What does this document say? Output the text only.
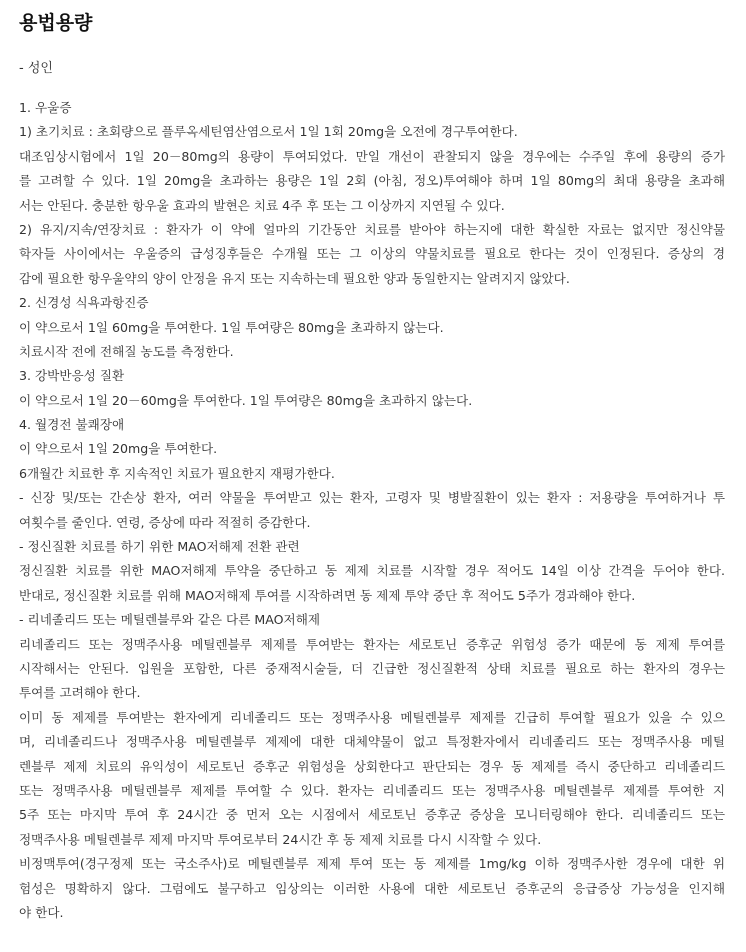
용법용량
- 성인
1. 우울증
1) 초기치료 : 초회량으로 플루옥세틴염산염으로서 1일 1회 20mg을 오전에 경구투여한다.
대조임상시험에서 1일 20－80mg의 용량이 투여되었다. 만일 개선이 관찰되지 않을 경우에는 수주일 후에 용량의 증가
를 고려할 수 있다. 1일 20mg을 초과하는 용량은 1일 2회 (아침, 정오)투여해야 하며 1일 80mg의 최대 용량을 초과해
서는 안된다. 충분한 항우울 효과의 발현은 치료 4주 후 또는 그 이상까지 지연될 수 있다.
2) 유지/지속/연장치료 : 환자가 이 약에 얼마의 기간동안 치료를 받아야 하는지에 대한 확실한 자료는 없지만 정신약물
학자들 사이에서는 우울증의 급성징후들은 수개월 또는 그 이상의 약물치료를 필요로 한다는 것이 인정된다. 증상의 경
감에 필요한 항우울약의 양이 안정을 유지 또는 지속하는데 필요한 양과 동일한지는 알려지지 않았다.
2. 신경성 식욕과항진증
이 약으로서 1일 60mg을 투여한다. 1일 투여량은 80mg을 초과하지 않는다.
치료시작 전에 전해질 농도를 측정한다.
3. 강박반응성 질환
이 약으로서 1일 20－60mg을 투여한다. 1일 투여량은 80mg을 초과하지 않는다.
4. 월경전 불쾌장애
이 약으로서 1일 20mg을 투여한다.
6개월간 치료한 후 지속적인 치료가 필요한지 재평가한다.
- 신장 및/또는 간손상 환자, 여러 약물을 투여받고 있는 환자, 고령자 및 병발질환이 있는 환자 : 저용량을 투여하거나 투
여횟수를 줄인다. 연령, 증상에 따라 적절히 증감한다.
- 정신질환 치료를 하기 위한 MAO저해제 전환 관련
정신질환 치료를 위한 MAO저해제 투약을 중단하고 동 제제 치료를 시작할 경우 적어도 14일 이상 간격을 두어야 한다.
반대로, 정신질환 치료를 위해 MAO저해제 투여를 시작하려면 동 제제 투약 중단 후 적어도 5주가 경과해야 한다.
- 리네졸리드 또는 메틸렌블루와 같은 다른 MAO저해제
리네졸리드 또는 정맥주사용 메틸렌블루 제제를 투여받는 환자는 세로토닌 증후군 위험성 증가 때문에 동 제제 투여를
시작해서는 안된다. 입원을 포함한, 다른 중재적시술들, 더 긴급한 정신질환적 상태 치료를 필요로 하는 환자의 경우는
투여를 고려해야 한다.
이미 동 제제를 투여받는 환자에게 리네졸리드 또는 정맥주사용 메틸렌블루 제제를 긴급히 투여할 필요가 있을 수 있으
며, 리네졸리드나 정맥주사용 메틸렌블루 제제에 대한 대체약물이 없고 특정환자에서 리네졸리드 또는 정맥주사용 메틸
렌블루 제제 치료의 유익성이 세로토닌 증후군 위험성을 상회한다고 판단되는 경우 동 제제를 즉시 중단하고 리네졸리드
또는 정맥주사용 메틸렌블루 제제를 투여할 수 있다. 환자는 리네졸리드 또는 정맥주사용 메틸렌블루 제제를 투여한 지
5주 또는 마지막 투여 후 24시간 중 먼저 오는 시점에서 세로토닌 증후군 증상을 모니터링해야 한다. 리네졸리드 또는
정맥주사용 메틸렌블루 제제 마지막 투여로부터 24시간 후 동 제제 치료를 다시 시작할 수 있다.
비정맥투여(경구정제 또는 국소주사)로 메틸렌블루 제제 투여 또는 동 제제를 1mg/kg 이하 정맥주사한 경우에 대한 위
험성은 명확하지 않다. 그럼에도 불구하고 임상의는 이러한 사용에 대한 세로토닌 증후군의 응급증상 가능성을 인지해
야 한다.
